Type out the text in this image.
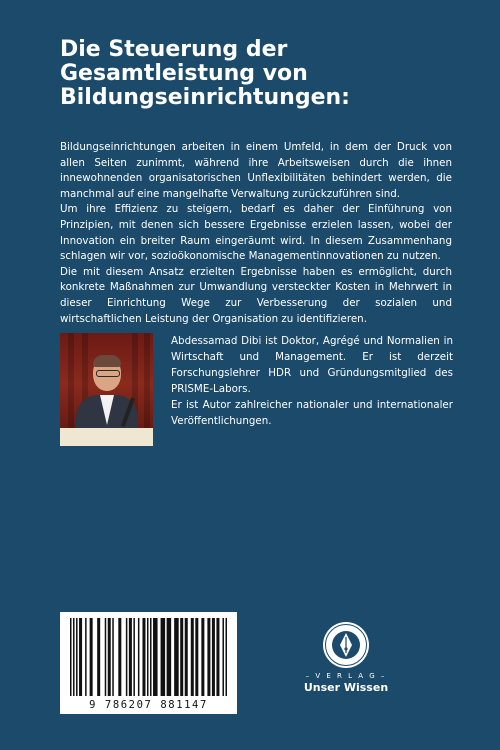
Die Steuerung der Gesamtleistung von Bildungseinrichtungen:

Bildungseinrichtungen arbeiten in einem Umfeld, in dem der Druck von allen Seiten zunimmt, während ihre Arbeitsweisen durch die ihnen innewohnenden organisatorischen Unflexibilitäten behindert werden, die manchmal auf eine mangelhafte Verwaltung zurückzuführen sind.

Um ihre Effizienz zu steigern, bedarf es daher der Einführung von Prinzipien, mit denen sich bessere Ergebnisse erzielen lassen, wobei der Innovation ein breiter Raum eingeräumt wird. In diesem Zusammenhang schlagen wir vor, sozioökonomische Managementinnovationen zu nutzen.

Die mit diesem Ansatz erzielten Ergebnisse haben es ermöglicht, durch konkrete Maßnahmen zur Umwandlung versteckter Kosten in Mehrwert in dieser Einrichtung Wege zur Verbesserung der sozialen und wirtschaftlichen Leistung der Organisation zu identifizieren.

Abdessamad Dibi ist Doktor, Agrégé und Normalien in Wirtschaft und Management. Er ist derzeit Forschungslehrer HDR und Gründungsmitglied des PRISME-Labors.

Er ist Autor zahlreicher nationaler und internationaler Veröffentlichungen.

9 786207 881147
– V E R L A G –
Unser Wissen
